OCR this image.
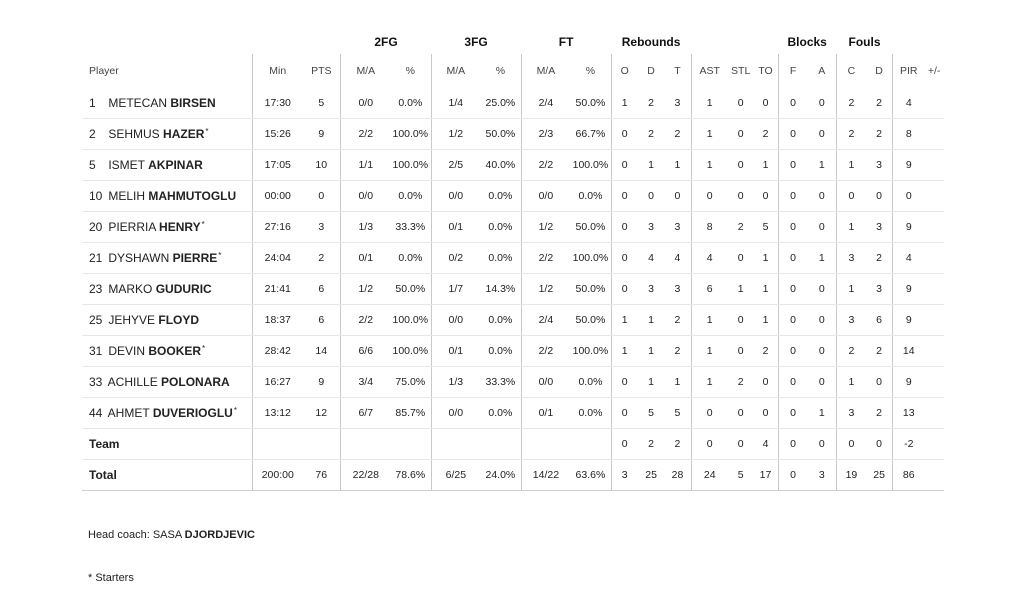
			2FG		3FG		FT		Rebounds						Blocks		Fouls			
Player	Min	PTS	M/A	%	M/A	%	M/A	%	O	D	T	AST	STL	TO	F	A	C	D	PIR	+/-
1 METECAN BIRSEN	17:30	5	0/0	0.0%	1/4	25.0%	2/4	50.0%	1	2	3	1	0	0	0	0	2	2	4	
2 SEHMUS HAZER*	15:26	9	2/2	100.0%	1/2	50.0%	2/3	66.7%	0	2	2	1	0	2	0	0	2	2	8	
5 ISMET AKPINAR	17:05	10	1/1	100.0%	2/5	40.0%	2/2	100.0%	0	1	1	1	0	1	0	1	1	3	9	
10 MELIH MAHMUTOGLU	00:00	0	0/0	0.0%	0/0	0.0%	0/0	0.0%	0	0	0	0	0	0	0	0	0	0	0	
20 PIERRIA HENRY*	27:16	3	1/3	33.3%	0/1	0.0%	1/2	50.0%	0	3	3	8	2	5	0	0	1	3	9	
21 DYSHAWN PIERRE*	24:04	2	0/1	0.0%	0/2	0.0%	2/2	100.0%	0	4	4	4	0	1	0	1	3	2	4	
23 MARKO GUDURIC	21:41	6	1/2	50.0%	1/7	14.3%	1/2	50.0%	0	3	3	6	1	1	0	0	1	3	9	
25 JEHYVE FLOYD	18:37	6	2/2	100.0%	0/0	0.0%	2/4	50.0%	1	1	2	1	0	1	0	0	3	6	9	
31 DEVIN BOOKER*	28:42	14	6/6	100.0%	0/1	0.0%	2/2	100.0%	1	1	2	1	0	2	0	0	2	2	14	
33 ACHILLE POLONARA	16:27	9	3/4	75.0%	1/3	33.3%	0/0	0.0%	0	1	1	1	2	0	0	0	1	0	9	
44 AHMET DUVERIOGLU*	13:12	12	6/7	85.7%	0/0	0.0%	0/1	0.0%	0	5	5	0	0	0	0	1	3	2	13	
Team									0	2	2	0	0	4	0	0	0	0	-2	
Total	200:00	76	22/28	78.6%	6/25	24.0%	14/22	63.6%	3	25	28	24	5	17	0	3	19	25	86	
Head coach: SASA DJORDJEVIC
* Starters
